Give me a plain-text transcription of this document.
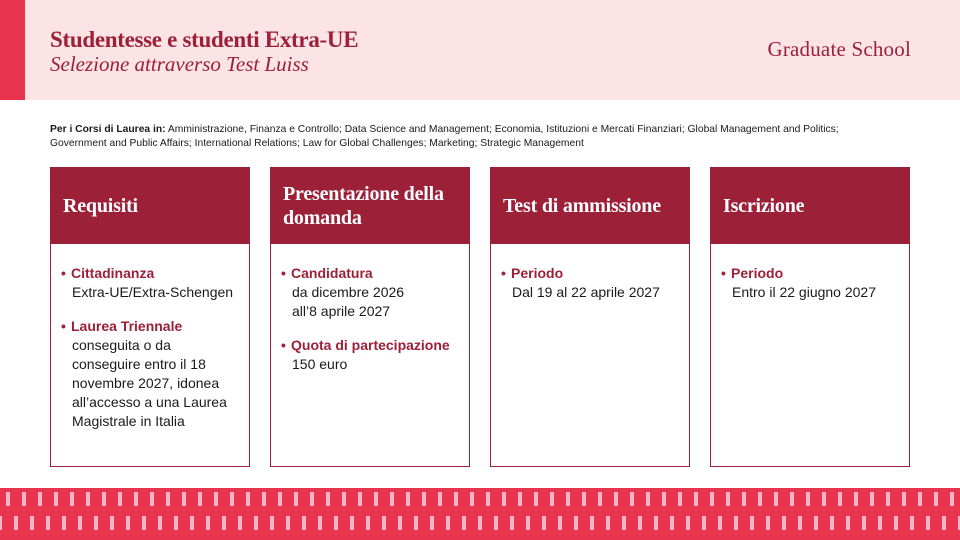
Studentesse e studenti Extra-UE
Selezione attraverso Test Luiss
Graduate School
Per i Corsi di Laurea in: Amministrazione, Finanza e Controllo; Data Science and Management; Economia, Istituzioni e Mercati Finanziari; Global Management and Politics; Government and Public Affairs; International Relations; Law for Global Challenges; Marketing; Strategic Management
Requisiti
• Cittadinanza
Extra-UE/Extra-Schengen
• Laurea Triennale
conseguita o da conseguire entro il 18 novembre 2027, idonea all’accesso a una Laurea Magistrale in Italia
Presentazione della domanda
• Candidatura
da dicembre 2026 all’8 aprile 2027
• Quota di partecipazione
150 euro
Test di ammissione
• Periodo
Dal 19 al 22 aprile 2027
Iscrizione
• Periodo
Entro il 22 giugno 2027
